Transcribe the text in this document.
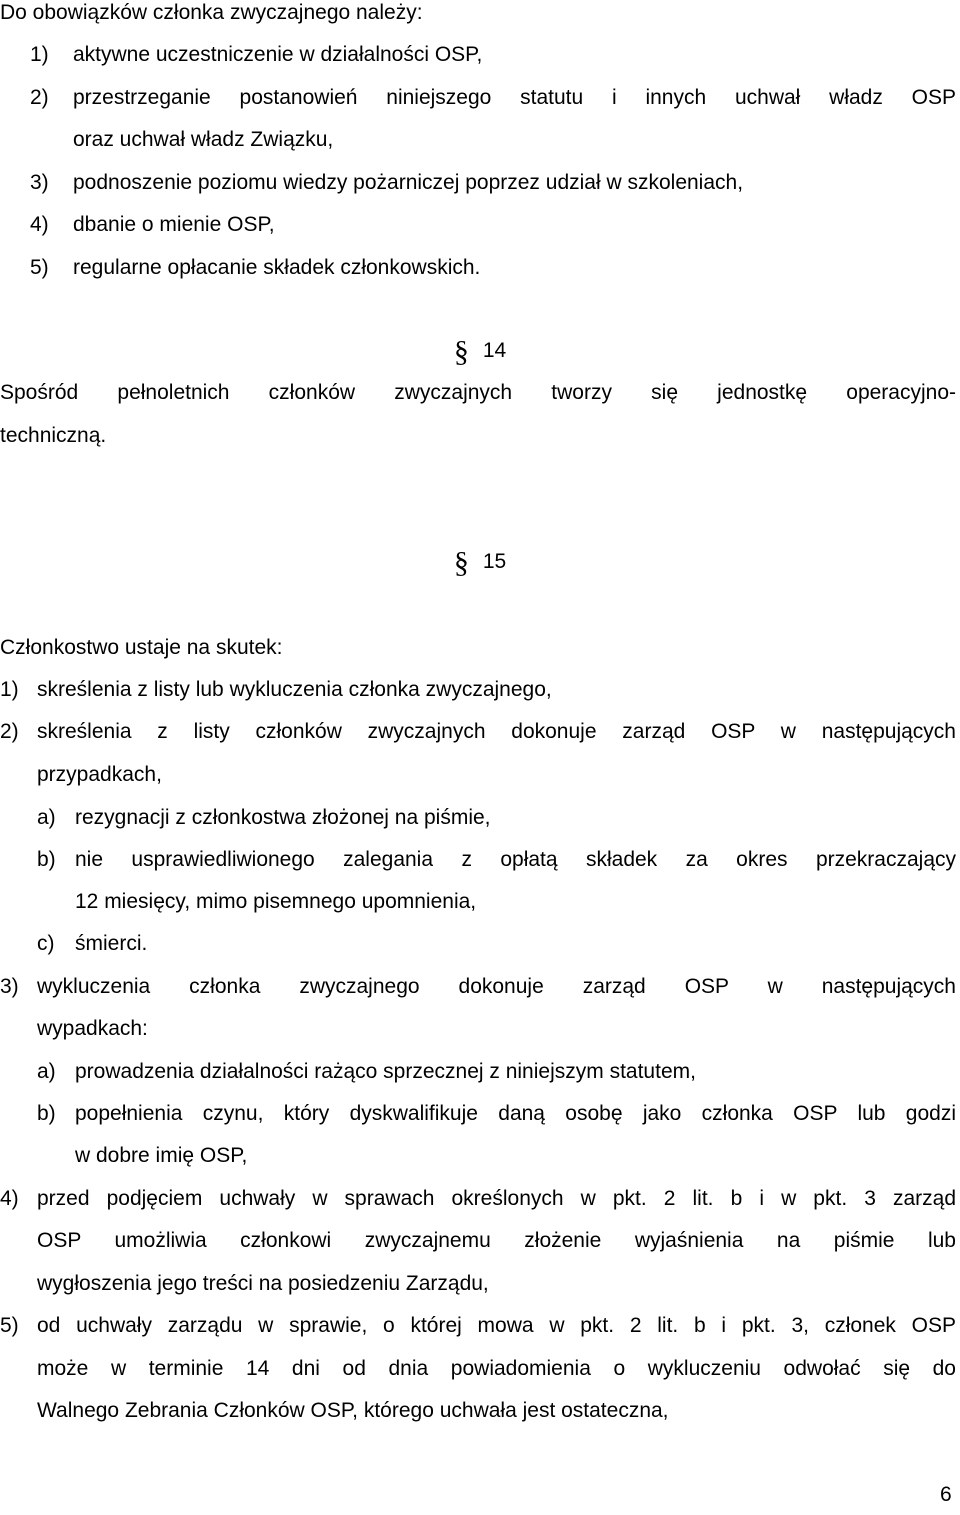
Do obowiązków członka zwyczajnego należy:
1) aktywne uczestniczenie w działalności OSP,
2) przestrzeganie postanowień niniejszego statutu i innych uchwał władz OSP
oraz uchwał władz Związku,
3) podnoszenie poziomu wiedzy pożarniczej poprzez udział w szkoleniach,
4) dbanie o mienie OSP,
5) regularne opłacanie składek członkowskich.
§ 14
Spośród pełnoletnich członków zwyczajnych tworzy się jednostkę operacyjno-
techniczną.
§ 15
Członkostwo ustaje na skutek:
1) skreślenia z listy lub wykluczenia członka zwyczajnego,
2) skreślenia z listy członków zwyczajnych dokonuje zarząd OSP w następujących
przypadkach,
a) rezygnacji z członkostwa złożonej na piśmie,
b) nie usprawiedliwionego zalegania z opłatą składek za okres przekraczający
12 miesięcy, mimo pisemnego upomnienia,
c) śmierci.
3) wykluczenia członka zwyczajnego dokonuje zarząd OSP w następujących
wypadkach:
a) prowadzenia działalności rażąco sprzecznej z niniejszym statutem,
b) popełnienia czynu, który dyskwalifikuje daną osobę jako członka OSP lub godzi
w dobre imię OSP,
4) przed podjęciem uchwały w sprawach określonych w pkt. 2 lit. b i w pkt. 3 zarząd
OSP umożliwia członkowi zwyczajnemu złożenie wyjaśnienia na piśmie lub
wygłoszenia jego treści na posiedzeniu Zarządu,
5) od uchwały zarządu w sprawie, o której mowa w pkt. 2 lit. b i pkt. 3, członek OSP
może w terminie 14 dni od dnia powiadomienia o wykluczeniu odwołać się do
Walnego Zebrania Członków OSP, którego uchwała jest ostateczna,
6
